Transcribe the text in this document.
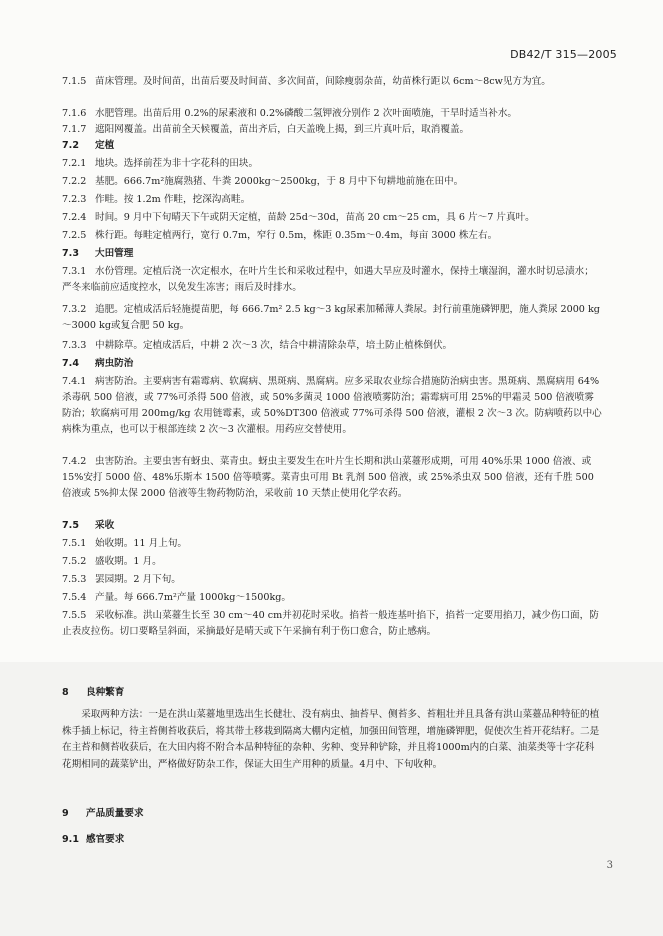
DB42/T 315—2005
7.1.5 苗床管理。及时间苗，出苗后要及时间苗、多次间苗，间除瘦弱杂苗，幼苗株行距以 6cm～8cw见方为宜。
7.1.6 水肥管理。出苗后用 0.2%的尿素液和 0.2%磷酸二氢钾液分别作 2 次叶面喷施，干旱时适当补水。
7.1.7 遮阳网覆盖。出苗前全天候覆盖，苗出齐后，白天盖晚上揭，到三片真叶后，取消覆盖。
7.2 定植
7.2.1 地块。选择前茬为非十字花科的田块。
7.2.2 基肥。666.7m²施腐熟猪、牛粪 2000kg～2500kg，于 8 月中下旬耕地前施在田中。
7.2.3 作畦。按 1.2m 作畦，挖深沟高畦。
7.2.4 时间。9 月中下旬晴天下午或阴天定植，苗龄 25d～30d，苗高 20 cm～25 cm，具 6 片～7 片真叶。
7.2.5 株行距。每畦定植两行，宽行 0.7m，窄行 0.5m，株距 0.35m～0.4m，每亩 3000 株左右。
7.3 大田管理
7.3.1 水份管理。定植后浇一次定根水，在叶片生长和采收过程中，如遇大旱应及时灌水，保持土壤湿润，灌水时切忌渍水；严冬来临前应适度控水，以免发生冻害；雨后及时排水。
7.3.2 追肥。定植成活后轻施提苗肥，每 666.7m² 2.5 kg～3 kg尿素加稀薄人粪尿。封行前重施磷钾肥，施人粪尿 2000 kg～3000 kg或复合肥 50 kg。
7.3.3 中耕除草。定植成活后，中耕 2 次～3 次，结合中耕清除杂草，培土防止植株倒伏。
7.4 病虫防治
7.4.1 病害防治。主要病害有霜霉病、软腐病、黑斑病、黑腐病。应多采取农业综合措施防治病虫害。黑斑病、黑腐病用 64%杀毒矾 500 倍液，或 77%可杀得 500 倍液，或 50%多菌灵 1000 倍液喷雾防治；霜霉病可用 25%的甲霜灵 500 倍液喷雾防治；软腐病可用 200mg/kg 农用链霉素，或 50%DT300 倍液或 77%可杀得 500 倍液，灌根 2 次～3 次。防病喷药以中心病株为重点，也可以于根部连续 2 次～3 次灌根。用药应交替使用。
7.4.2 虫害防治。主要虫害有蚜虫、菜青虫。蚜虫主要发生在叶片生长期和洪山菜薹形成期，可用 40%乐果 1000 倍液、或 15%安打 5000 倍、48%乐斯本 1500 倍等喷雾。菜青虫可用 Bt 乳剂 500 倍液，或 25%杀虫双 500 倍液，还有千胜 500 倍液或 5%抑太保 2000 倍液等生物药物防治，采收前 10 天禁止使用化学农药。
7.5 采收
7.5.1 始收期。11 月上旬。
7.5.2 盛收期。1 月。
7.5.3 罢园期。2 月下旬。
7.5.4 产量。每 666.7m²产量 1000kg～1500kg。
7.5.5 采收标准。洪山菜薹生长至 30 cm～40 cm并初花时采收。掐苔一般连基叶掐下，掐苔一定要用掐刀，减少伤口面，防止表皮拉伤。切口要略呈斜面，采摘最好是晴天或下午采摘有利于伤口愈合，防止感病。
8 良种繁育
采取两种方法：一是在洪山菜薹地里选出生长健壮、没有病虫、抽苔早、侧苔多、苔粗壮并且具备有洪山菜薹品种特征的植株手插上标记，待主苔侧苔收获后，将其带土移栽到隔离大棚内定植，加强田间管理，增施磷钾肥，促使次生苔开花结籽。二是在主苔和侧苔收获后，在大田内将不附合本品种特征的杂种、劣种、变异种铲除，并且将1000m内的白菜、油菜类等十字花科花期相同的蔬菜铲出，严格做好防杂工作，保证大田生产用种的质量。4月中、下旬收种。
9 产品质量要求
9.1 感官要求
3
